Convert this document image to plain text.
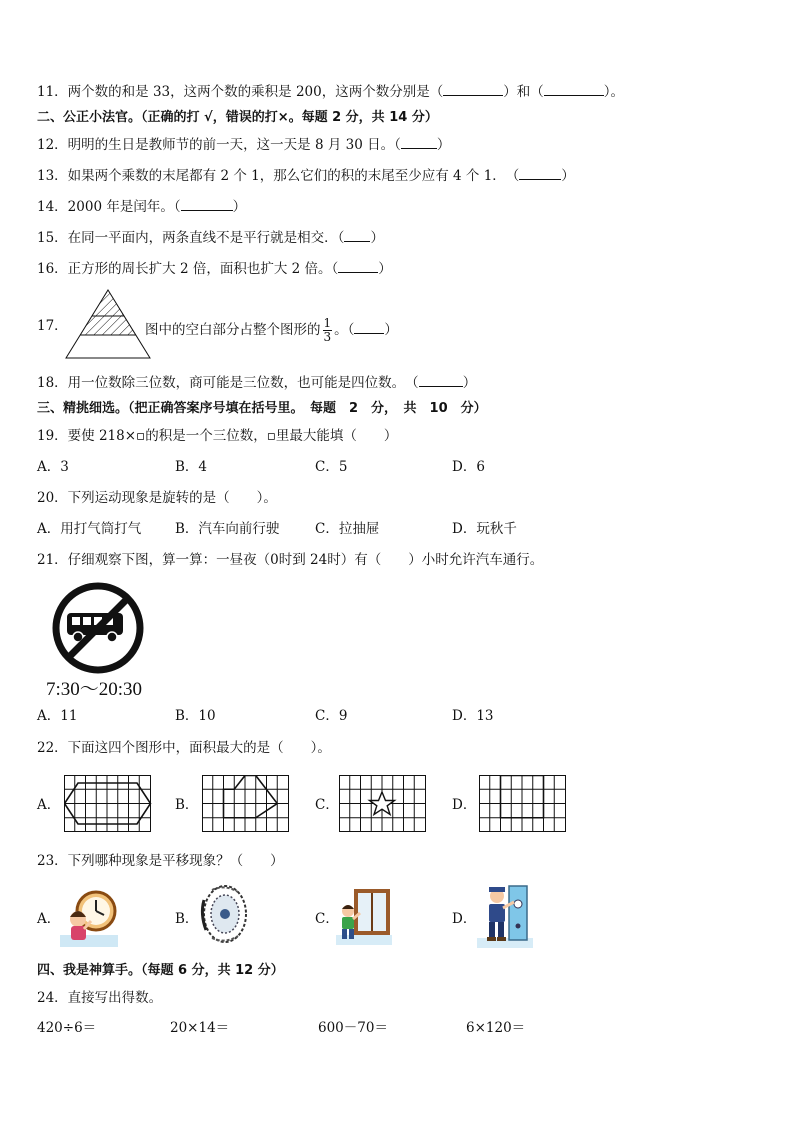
11．两个数的和是 33，这两个数的乘积是 200，这两个数分别是（	）和（	）。
二、公正小法官。（正确的打 √，错误的打×。每题 2 分，共 14 分）
12．明明的生日是教师节的前一天，这一天是 8 月 30 日。（	）
13．如果两个乘数的末尾都有 2 个 1，那么它们的积的末尾至少应有 4 个 1．　（	）
14．2000 年是闰年。（	）
15．在同一平面内，两条直线不是平行就是相交．（ ）
16．正方形的周长扩大 2 倍，面积也扩大 2 倍。（	）
17．	图中的空白部分占整个图形的 $\frac{1}{3}$ 。（ ）
18．用一位数除三位数，商可能是三位数，也可能是四位数。　（	）
三、精挑细选。（把正确答案序号填在括号里。　每题　2　分，　共　10　分）
19．要使 218×▫的积是一个三位数，▫里最大能填（　　）
A．3	B．4	C．5	D．6
20．下列运动现象是旋转的是（　　）。
A．用打气筒打气	B．汽车向前行驶	C．拉抽屉	D．玩秋千
21．仔细观察下图，算一算：一昼夜（0时到 24时）有（　　）小时允许汽车通行。
7:30～20:30
A．11	B．10	C．9	D．13
22．下面这四个图形中，面积最大的是（　　）。
A．	B．	C．	D．
23．下列哪种现象是平移现象？（　　）
A．	B．	C．	D．
四、我是神算手。（每题 6 分，共 12 分）
24．直接写出得数。
420÷6＝	20×14＝	600－70＝	6×120＝
